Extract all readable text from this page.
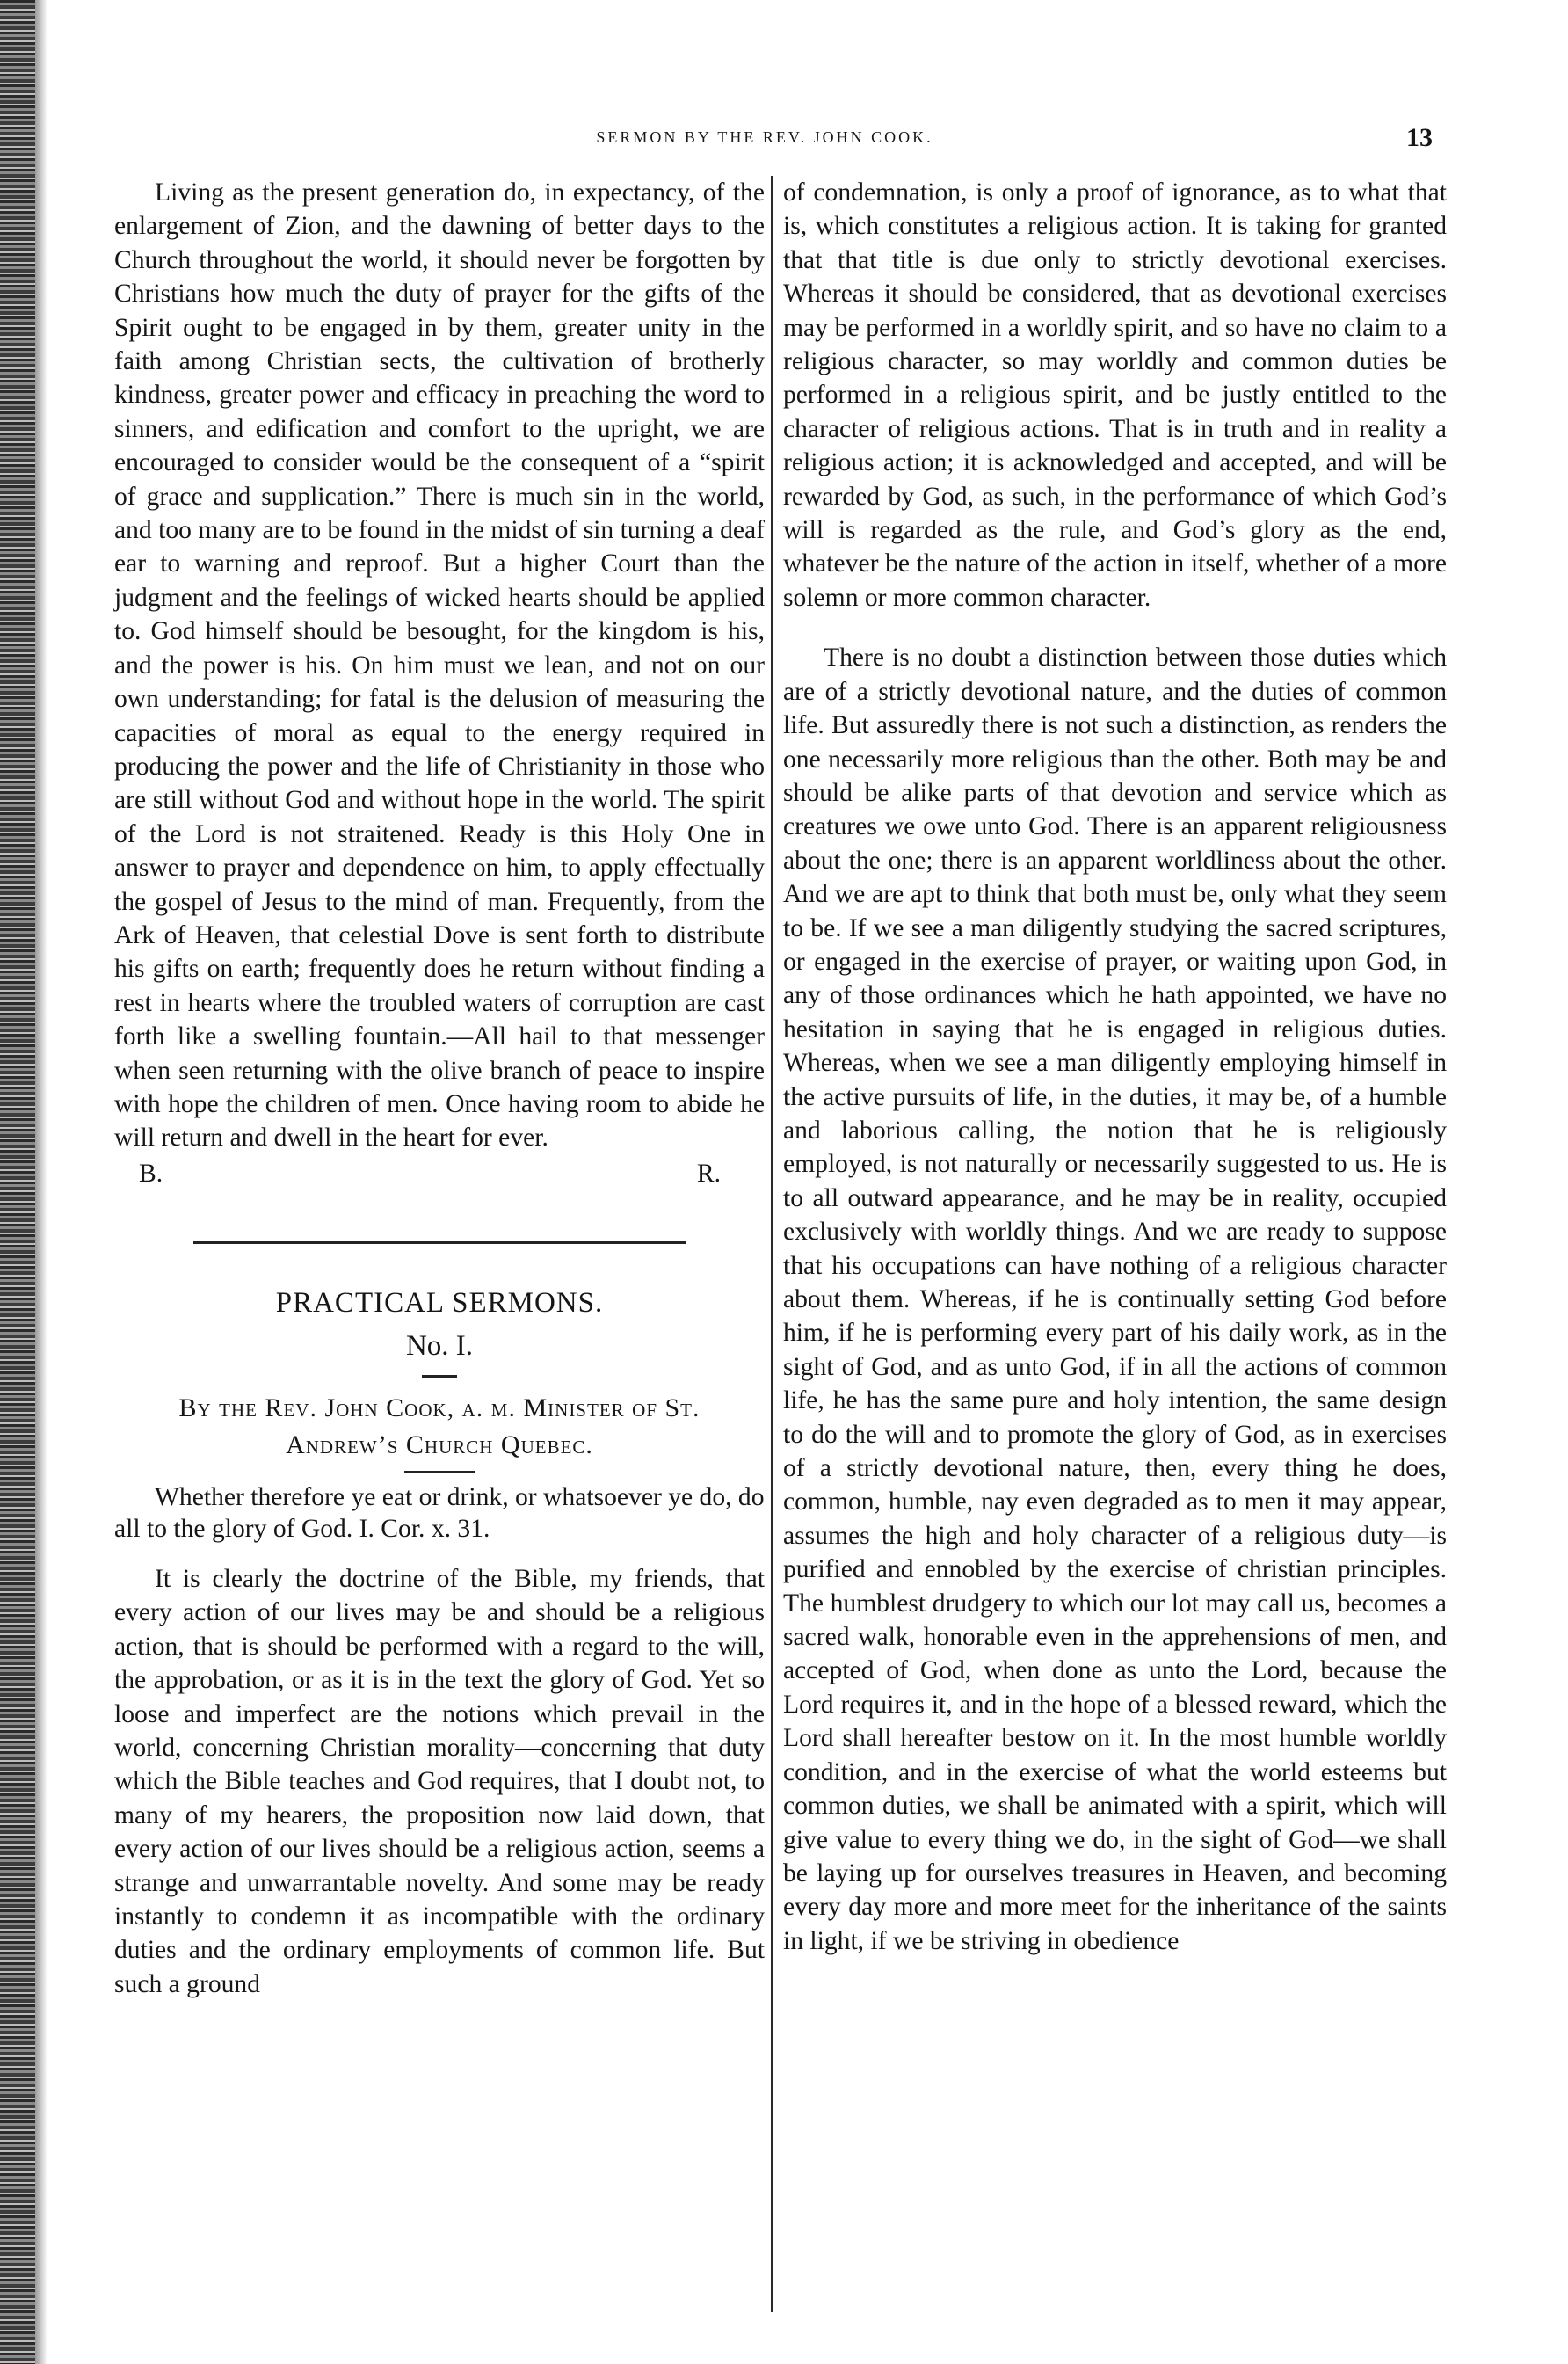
SERMON BY THE REV. JOHN COOK.	13

Living as the present generation do, in expectancy, of the enlargement of Zion, and the dawning of better days to the Church throughout the world, it should never be forgotten by Christians how much the duty of prayer for the gifts of the Spirit ought to be engaged in by them, greater unity in the faith among Christian sects, the cultivation of brotherly kindness, greater power and efficacy in preaching the word to sinners, and edification and comfort to the upright, we are encouraged to consider would be the consequent of a “spirit of grace and supplication.” There is much sin in the world, and too many are to be found in the midst of sin turning a deaf ear to warning and reproof. But a higher Court than the judgment and the feelings of wicked hearts should be applied to. God himself should be besought, for the kingdom is his, and the power is his. On him must we lean, and not on our own understanding; for fatal is the delusion of measuring the capacities of moral as equal to the energy required in producing the power and the life of Christianity in those who are still without God and without hope in the world. The spirit of the Lord is not straitened. Ready is this Holy One in answer to prayer and dependence on him, to apply effectually the gospel of Jesus to the mind of man. Frequently, from the Ark of Heaven, that celestial Dove is sent forth to distribute his gifts on earth; frequently does he return without finding a rest in hearts where the troubled waters of corruption are cast forth like a swelling fountain.—All hail to that messenger when seen returning with the olive branch of peace to inspire with hope the children of men. Once having room to abide he will return and dwell in the heart for ever.

B.	R.
PRACTICAL SERMONS.
No. I.
By the Rev. John Cook, a. m. Minister of St.
Andrew’s Church Quebec.

Whether therefore ye eat or drink, or whatsoever ye do, do all to the glory of God. I. Cor. x. 31.

It is clearly the doctrine of the Bible, my friends, that every action of our lives may be and should be a religious action, that is should be performed with a regard to the will, the approbation, or as it is in the text the glory of God. Yet so loose and imperfect are the notions which prevail in the world, concerning Christian morality—concerning that duty which the Bible teaches and God requires, that I doubt not, to many of my hearers, the proposition now laid down, that every action of our lives should be a religious action, seems a strange and unwarrantable novelty. And some may be ready instantly to condemn it as incompatible with the ordinary duties and the ordinary employments of common life. But such a ground

of condemnation, is only a proof of ignorance, as to what that is, which constitutes a religious action. It is taking for granted that that title is due only to strictly devotional exercises. Whereas it should be considered, that as devotional exercises may be performed in a worldly spirit, and so have no claim to a religious character, so may worldly and common duties be performed in a religious spirit, and be justly entitled to the character of religious actions. That is in truth and in reality a religious action; it is acknowledged and accepted, and will be rewarded by God, as such, in the performance of which God’s will is regarded as the rule, and God’s glory as the end, whatever be the nature of the action in itself, whether of a more solemn or more common character.

There is no doubt a distinction between those duties which are of a strictly devotional nature, and the duties of common life. But assuredly there is not such a distinction, as renders the one necessarily more religious than the other. Both may be and should be alike parts of that devotion and service which as creatures we owe unto God. There is an apparent religiousness about the one; there is an apparent worldliness about the other. And we are apt to think that both must be, only what they seem to be. If we see a man diligently studying the sacred scriptures, or engaged in the exercise of prayer, or waiting upon God, in any of those ordinances which he hath appointed, we have no hesitation in saying that he is engaged in religious duties. Whereas, when we see a man diligently employing himself in the active pursuits of life, in the duties, it may be, of a humble and laborious calling, the notion that he is religiously employed, is not naturally or necessarily suggested to us. He is to all outward appearance, and he may be in reality, occupied exclusively with worldly things. And we are ready to suppose that his occupations can have nothing of a religious character about them. Whereas, if he is continually setting God before him, if he is performing every part of his daily work, as in the sight of God, and as unto God, if in all the actions of common life, he has the same pure and holy intention, the same design to do the will and to promote the glory of God, as in exercises of a strictly devotional nature, then, every thing he does, common, humble, nay even degraded as to men it may appear, assumes the high and holy character of a religious duty—is purified and ennobled by the exercise of christian principles. The humblest drudgery to which our lot may call us, becomes a sacred walk, honorable even in the apprehensions of men, and accepted of God, when done as unto the Lord, because the Lord requires it, and in the hope of a blessed reward, which the Lord shall hereafter bestow on it. In the most humble worldly condition, and in the exercise of what the world esteems but common duties, we shall be animated with a spirit, which will give value to every thing we do, in the sight of God—we shall be laying up for ourselves treasures in Heaven, and becoming every day more and more meet for the inheritance of the saints in light, if we be striving in obedience
